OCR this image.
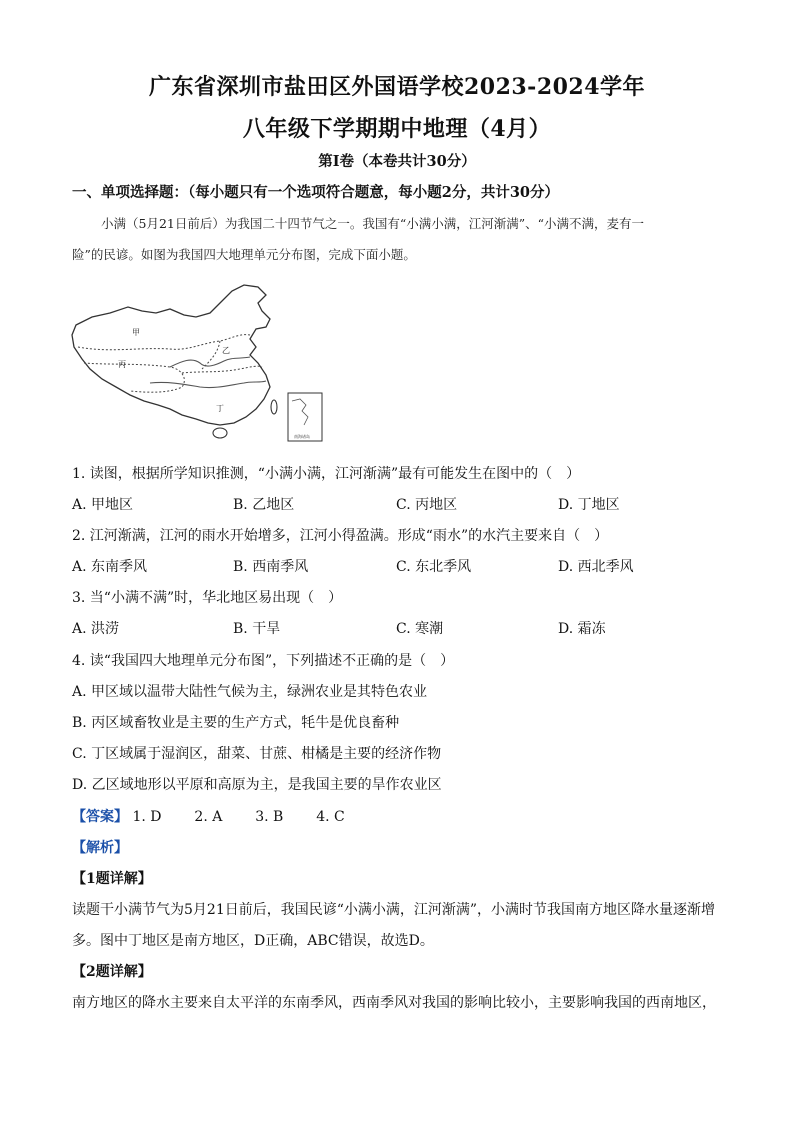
广东省深圳市盐田区外国语学校2023-2024学年
八年级下学期期中地理（4月）
第Ⅰ卷（本卷共计30分）
一、单项选择题：（每小题只有一个选项符合题意，每小题2分，共计30分）
小满（5月21日前后）为我国二十四节气之一。我国有“小满小满，江河渐满”、“小满不满，麦有一
险”的民谚。如图为我国四大地理单元分布图，完成下面小题。
甲
乙
丙
丁
南海诸岛
1. 读图，根据所学知识推测，“小满小满，江河渐满”最有可能发生在图中的（　）
A. 甲地区	B. 乙地区	C. 丙地区	D. 丁地区
2. 江河渐满，江河的雨水开始增多，江河小得盈满。形成“雨水”的水汽主要来自（　）
A. 东南季风	B. 西南季风	C. 东北季风	D. 西北季风
3. 当“小满不满”时，华北地区易出现（　）
A. 洪涝	B. 干旱	C. 寒潮	D. 霜冻
4. 读“我国四大地理单元分布图”，下列描述不正确的是（　）
A. 甲区域以温带大陆性气候为主，绿洲农业是其特色农业
B. 丙区域畜牧业是主要的生产方式，牦牛是优良畜种
C. 丁区域属于湿润区，甜菜、甘蔗、柑橘是主要的经济作物
D. 乙区域地形以平原和高原为主，是我国主要的旱作农业区
【答案】 1. D 2. A 3. B 4. C
【解析】
【1题详解】
读题干小满节气为5月21日前后，我国民谚“小满小满，江河渐满”，小满时节我国南方地区降水量逐渐增
多。图中丁地区是南方地区，D正确，ABC错误，故选D。
【2题详解】
南方地区的降水主要来自太平洋的东南季风，西南季风对我国的影响比较小，主要影响我国的西南地区，
